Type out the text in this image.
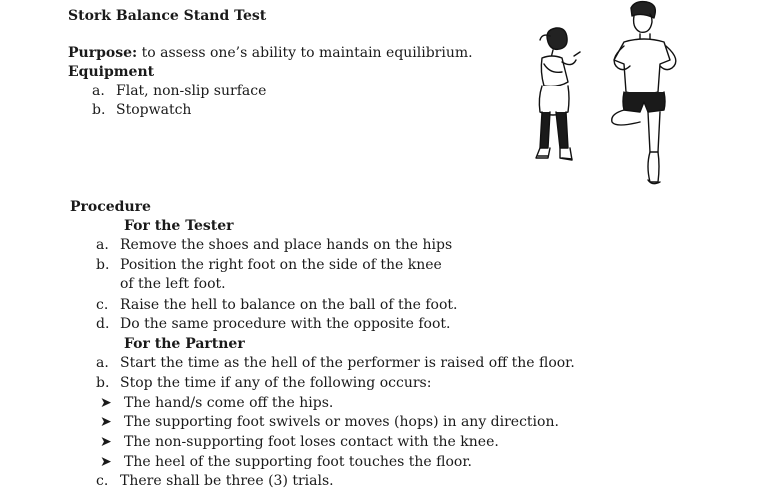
Stork Balance Stand Test
Purpose: to assess one’s ability to maintain equilibrium.
Equipment
a. Flat, non-slip surface
b. Stopwatch
Procedure
For the Tester
a. Remove the shoes and place hands on the hips
b. Position the right foot on the side of the knee
of the left foot.
c. Raise the hell to balance on the ball of the foot.
d. Do the same procedure with the opposite foot.
For the Partner
a. Start the time as the hell of the performer is raised off the floor.
b. Stop the time if any of the following occurs:
➤ The hand/s come off the hips.
➤ The supporting foot swivels or moves (hops) in any direction.
➤ The non-supporting foot loses contact with the knee.
➤ The heel of the supporting foot touches the floor.
c. There shall be three (3) trials.
